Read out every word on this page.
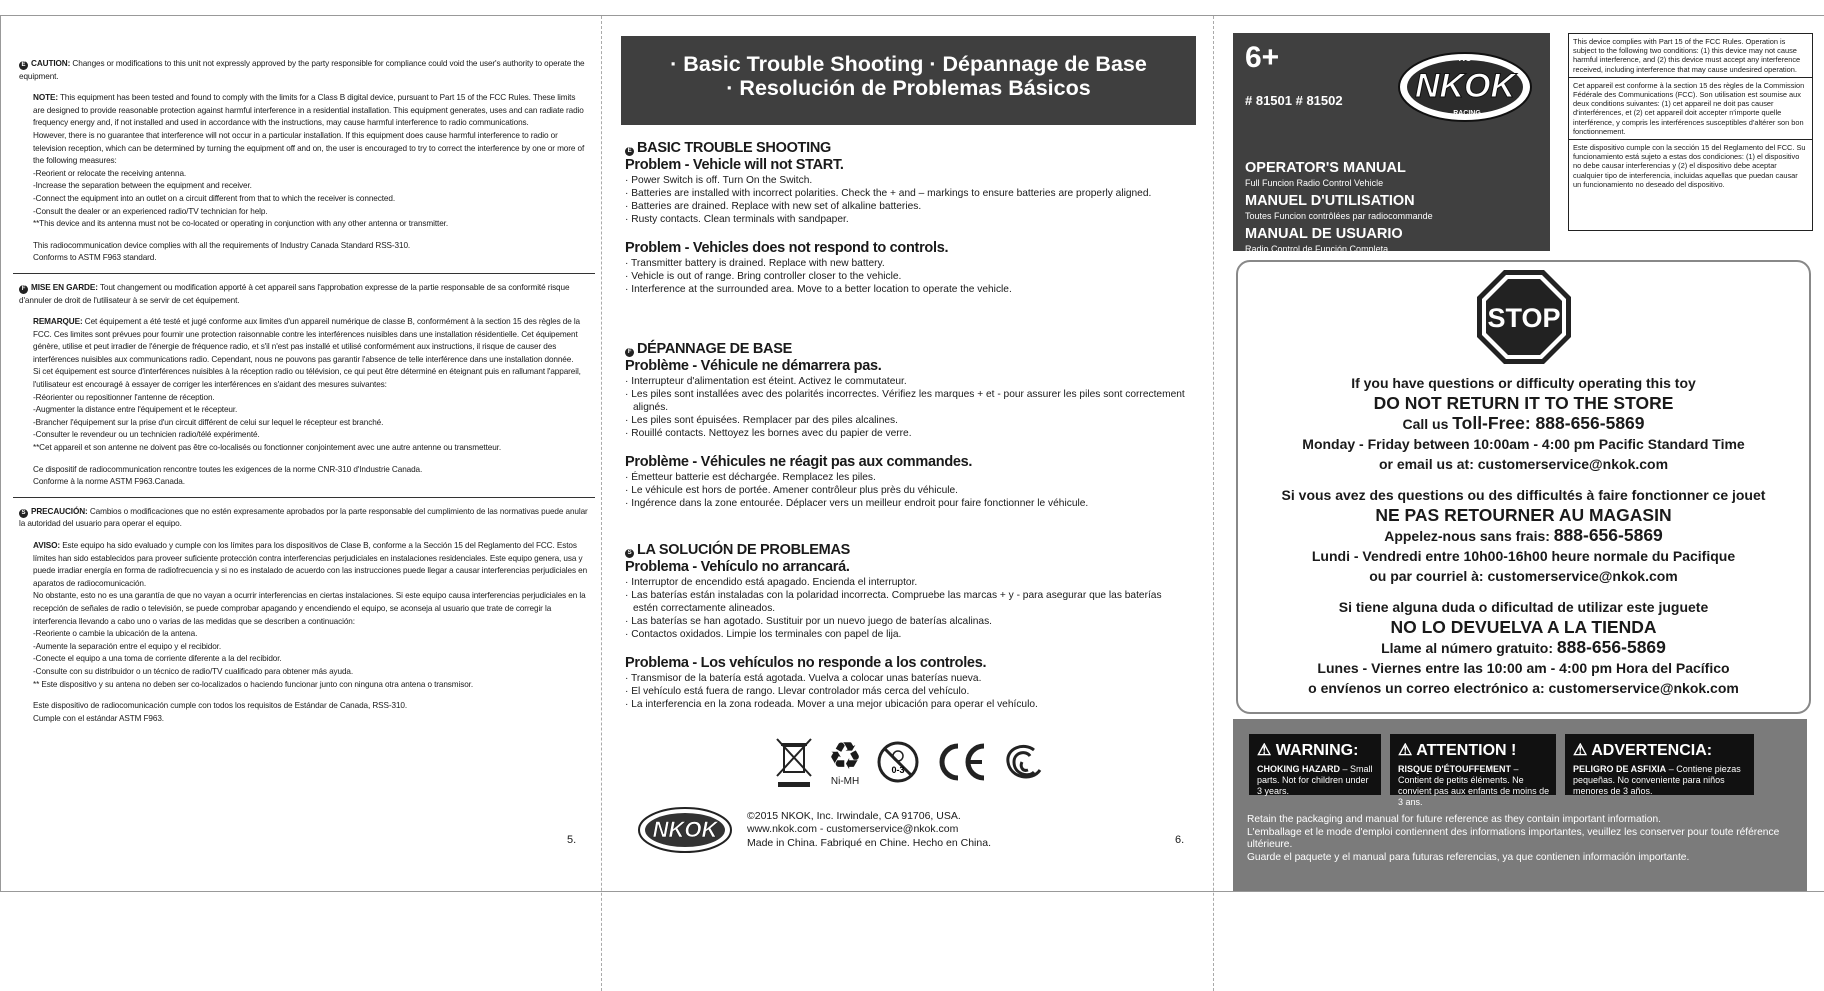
E CAUTION: Changes or modifications to this unit not expressly approved by the party responsible for compliance could void the user's authority to operate the equipment.

NOTE: This equipment has been tested and found to comply with the limits for a Class B digital device, pursuant to Part 15 of the FCC Rules. These limits are designed to provide reasonable protection against harmful interference in a residential installation. This equipment generates, uses and can radiate radio frequency energy and, if not installed and used in accordance with the instructions, may cause harmful interference to radio communications.

However, there is no guarantee that interference will not occur in a particular installation. If this equipment does cause harmful interference to radio or television reception, which can be determined by turning the equipment off and on, the user is encouraged to try to correct the interference by one or more of the following measures:

-Reorient or relocate the receiving antenna.

-Increase the separation between the equipment and receiver.

-Connect the equipment into an outlet on a circuit different from that to which the receiver is connected.

-Consult the dealer or an experienced radio/TV technician for help.

**This device and its antenna must not be co-located or operating in conjunction with any other antenna or transmitter.

This radiocommunication device complies with all the requirements of Industry Canada Standard RSS-310.

Conforms to ASTM F963 standard.

F MISE EN GARDE: Tout changement ou modification apporté à cet appareil sans l'approbation expresse de la partie responsable de sa conformité risque d'annuler de droit de l'utilisateur à se servir de cet équipement.

REMARQUE: Cet équipement a été testé et jugé conforme aux limites d'un appareil numérique de classe B, conformément à la section 15 des règles de la FCC. Ces limites sont prévues pour fournir une protection raisonnable contre les interférences nuisibles dans une installation résidentielle. Cet équipement génère, utilise et peut irradier de l'énergie de fréquence radio, et s'il n'est pas installé et utilisé conformément aux instructions, il risque de causer des interférences nuisibles aux communications radio. Cependant, nous ne pouvons pas garantir l'absence de telle interférence dans une installation donnée.

Si cet équipement est source d'interférences nuisibles à la réception radio ou télévision, ce qui peut être déterminé en éteignant puis en rallumant l'appareil, l'utilisateur est encouragé à essayer de corriger les interférences en s'aidant des mesures suivantes:

-Réorienter ou repositionner l'antenne de réception.

-Augmenter la distance entre l'équipement et le récepteur.

-Brancher l'équipement sur la prise d'un circuit différent de celui sur lequel le récepteur est branché.

-Consulter le revendeur ou un technicien radio/télé expérimenté.

**Cet appareil et son antenne ne doivent pas être co-localisés ou fonctionner conjointement avec une autre antenne ou transmetteur.

Ce dispositif de radiocommunication rencontre toutes les exigences de la norme CNR-310 d'Industrie Canada.

Conforme à la norme ASTM F963.Canada.

S PRECAUCIÓN: Cambios o modificaciones que no estén expresamente aprobados por la parte responsable del cumplimiento de las normativas puede anular la autoridad del usuario para operar el equipo.

AVISO: Este equipo ha sido evaluado y cumple con los límites para los dispositivos de Clase B, conforme a la Sección 15 del Reglamento del FCC. Estos límites han sido establecidos para proveer suficiente protección contra interferencias perjudiciales en instalaciones residenciales. Este equipo genera, usa y puede irradiar energía en forma de radiofrecuencia y si no es instalado de acuerdo con las instrucciones puede llegar a causar interferencias perjudiciales en aparatos de radiocomunicación.

No obstante, esto no es una garantía de que no vayan a ocurrir interferencias en ciertas instalaciones. Si este equipo causa interferencias perjudiciales en la recepción de señales de radio o televisión, se puede comprobar apagando y encendiendo el equipo, se aconseja al usuario que trate de corregir la interferencia llevando a cabo uno o varias de las medidas que se describen a continuación:

-Reoriente o cambie la ubicación de la antena.

-Aumente la separación entre el equipo y el recibidor.

-Conecte el equipo a una toma de corriente diferente a la del recibidor.

-Consulte con su distribuidor o un técnico de radio/TV cualificado para obtener más ayuda.

** Este dispositivo y su antena no deben ser co-localizados o haciendo funcionar junto con ninguna otra antena o transmisor.

Este dispositivo de radiocomunicación cumple con todos los requisitos de Estándar de Canada, RSS-310.

Cumple con el estándar ASTM F963.

5.
· Basic Trouble Shooting · Dépannage de Base
· Resolución de Problemas Básicos

E BASIC TROUBLE SHOOTING

Problem - Vehicle will not START.

· Power Switch is off. Turn On the Switch.
· Batteries are installed with incorrect polarities. Check the + and – markings to ensure batteries are properly aligned.
· Batteries are drained. Replace with new set of alkaline batteries.
· Rusty contacts. Clean terminals with sandpaper.

Problem - Vehicles does not respond to controls.

· Transmitter battery is drained. Replace with new battery.
· Vehicle is out of range. Bring controller closer to the vehicle.
· Interference at the surrounded area. Move to a better location to operate the vehicle.

F DÉPANNAGE DE BASE

Problème - Véhicule ne démarrera pas.

· Interrupteur d'alimentation est éteint. Activez le commutateur.
· Les piles sont installées avec des polarités incorrectes. Vérifiez les marques + et - pour assurer les piles sont correctement alignés.
· Les piles sont épuisées. Remplacer par des piles alcalines.
· Rouillé contacts. Nettoyez les bornes avec du papier de verre.

Problème - Véhicules ne réagit pas aux commandes.

· Émetteur batterie est déchargée. Remplacez les piles.
· Le véhicule est hors de portée. Amener contrôleur plus près du véhicule.
· Ingérence dans la zone entourée. Déplacer vers un meilleur endroit pour faire fonctionner le véhicule.

S LA SOLUCIÓN DE PROBLEMAS

Problema - Vehículo no arrancará.

· Interruptor de encendido está apagado. Encienda el interruptor.
· Las baterías están instaladas con la polaridad incorrecta. Compruebe las marcas + y - para asegurar que las baterías estén correctamente alineados.
· Las baterías se han agotado. Sustituir por un nuevo juego de baterías alcalinas.
· Contactos oxidados. Limpie los terminales con papel de lija.

Problema - Los vehículos no responde a los controles.

· Transmisor de la batería está agotada. Vuelva a colocar unas baterías nueva.
· El vehículo está fuera de rango. Llevar controlador más cerca del vehículo.
· La interferencia en la zona rodeada. Mover a una mejor ubicación para operar el vehículo.
♻
Ni-MH
0-3
NKOK
©2015 NKOK, Inc. Irwindale, CA 91706, USA.
www.nkok.com - customerservice@nkok.com
Made in China. Fabriqué en Chine. Hecho en China.	6.
6+
# 81501 # 81502 NKOK
RC
RACING
OPERATOR'S MANUAL
Full Funcion Radio Control Vehicle
MANUEL D'UTILISATION
Toutes Funcion contrôlées par radiocommande
MANUAL DE USUARIO
Radio Control de Función Completa
This device complies with Part 15 of the FCC Rules. Operation is subject to the following two conditions: (1) this device may not cause harmful interference, and (2) this device must accept any interference received, including interference that may cause undesired operation.
Cet appareil est conforme à la section 15 des règles de la Commission Fédérale des Communications (FCC). Son utilisation est soumise aux deux conditions suivantes: (1) cet appareil ne doit pas causer d'interférences, et (2) cet appareil doit accepter n'importe quelle interférence, y compris les interférences susceptibles d'altérer son bon fonctionnement.
Este dispositivo cumple con la sección 15 del Reglamento del FCC. Su funcionamiento está sujeto a estas dos condiciones: (1) el dispositivo no debe causar interferencias y (2) el dispositivo debe aceptar cualquier tipo de interferencia, incluidas aquellas que puedan causar un funcionamiento no deseado del dispositivo.
STOP

If you have questions or difficulty operating this toy

DO NOT RETURN IT TO THE STORE

Call us Toll-Free: 888-656-5869

Monday - Friday between 10:00am - 4:00 pm Pacific Standard Time

or email us at: customerservice@nkok.com

Si vous avez des questions ou des difficultés à faire fonctionner ce jouet

NE PAS RETOURNER AU MAGASIN

Appelez-nous sans frais: 888-656-5869

Lundi - Vendredi entre 10h00-16h00 heure normale du Pacifique

ou par courriel à: customerservice@nkok.com

Si tiene alguna duda o dificultad de utilizar este juguete

NO LO DEVUELVA A LA TIENDA

Llame al número gratuito: 888-656-5869

Lunes - Viernes entre las 10:00 am - 4:00 pm Hora del Pacífico

o envíenos un correo electrónico a: customerservice@nkok.com

⚠ WARNING:
CHOKING HAZARD – Small parts. Not for children under 3 years.
⚠ ATTENTION !
RISQUE D'ÉTOUFFEMENT – Contient de petits éléments. Ne convient pas aux enfants de moins de 3 ans.
⚠ ADVERTENCIA:
PELIGRO DE ASFIXIA – Contiene piezas pequeñas. No conveniente para niños menores de 3 años.
Retain the packaging and manual for future reference as they contain important information.
L'emballage et le mode d'emploi contiennent des informations importantes, veuillez les conserver pour toute référence ultérieure.
Guarde el paquete y el manual para futuras referencias, ya que contienen información importante.
